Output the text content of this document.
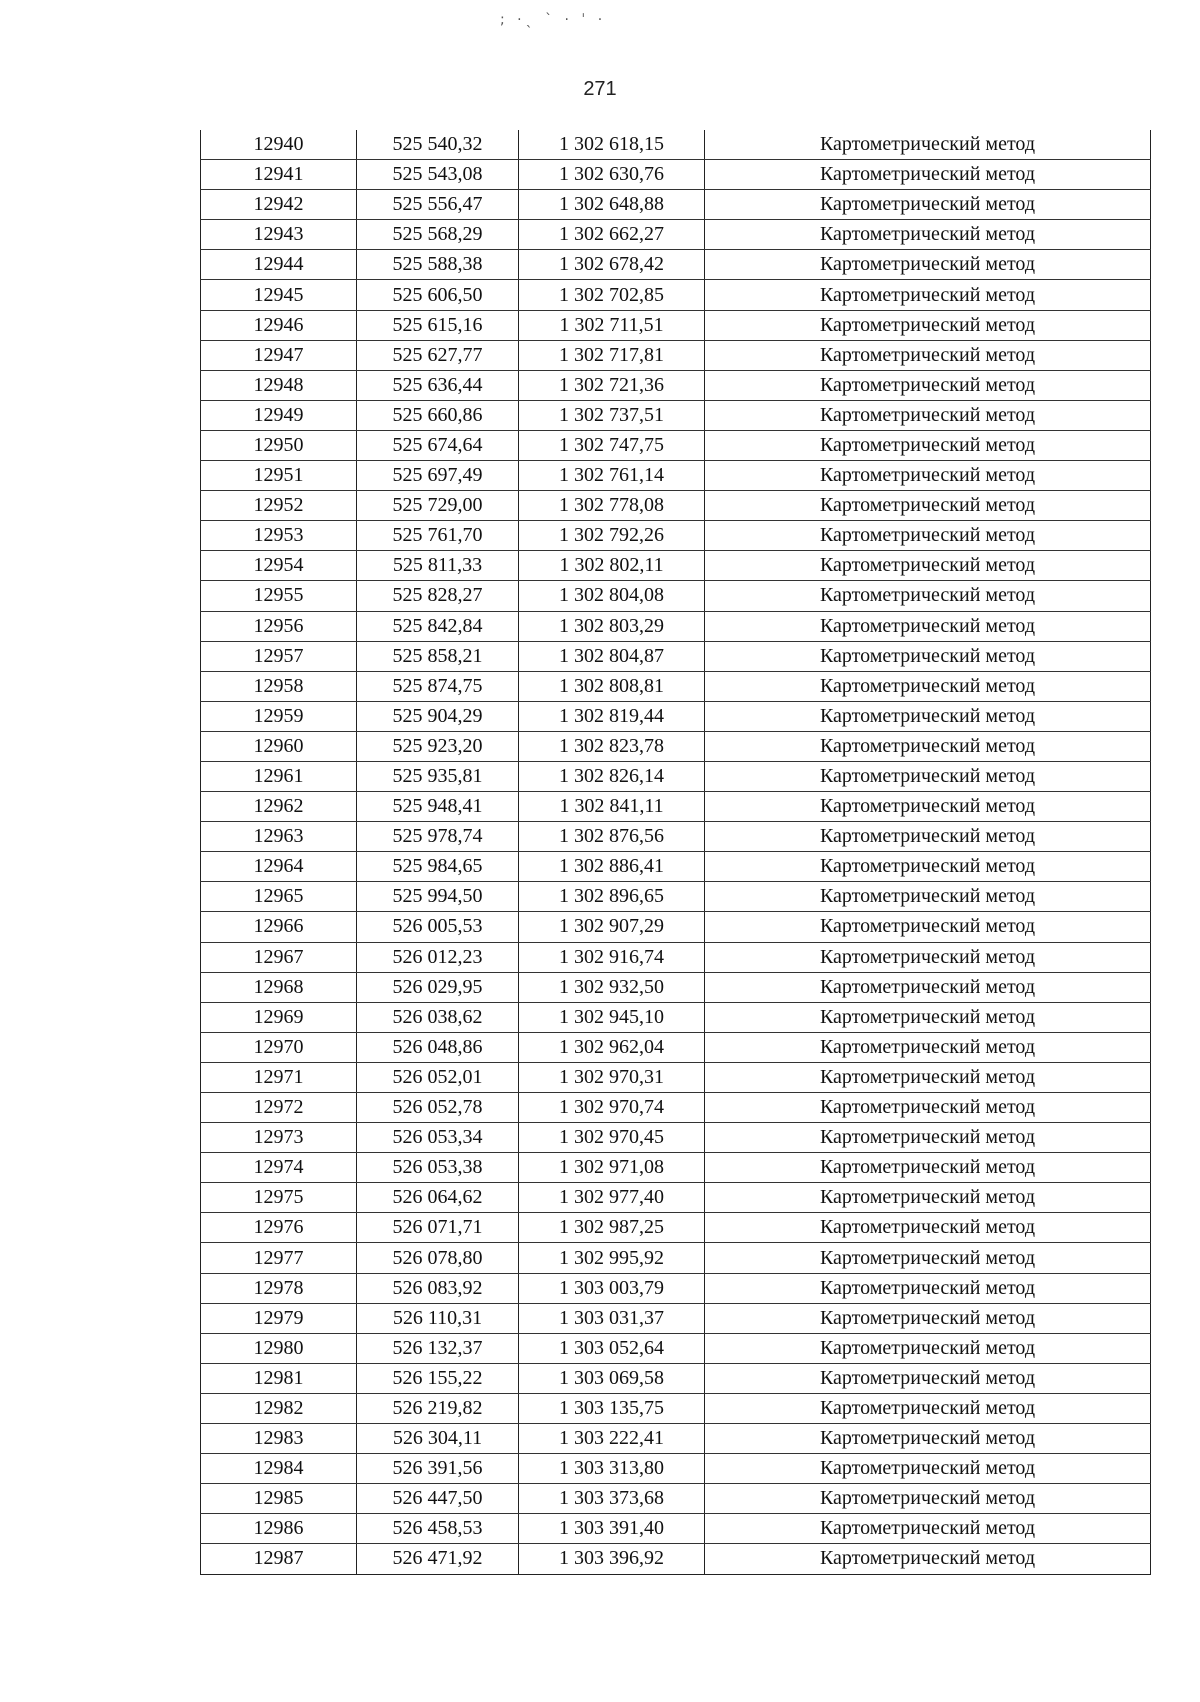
; ·ˎ ˋ · ˈ ·
271
12940	525 540,32	1 302 618,15	Картометрический метод
12941	525 543,08	1 302 630,76	Картометрический метод
12942	525 556,47	1 302 648,88	Картометрический метод
12943	525 568,29	1 302 662,27	Картометрический метод
12944	525 588,38	1 302 678,42	Картометрический метод
12945	525 606,50	1 302 702,85	Картометрический метод
12946	525 615,16	1 302 711,51	Картометрический метод
12947	525 627,77	1 302 717,81	Картометрический метод
12948	525 636,44	1 302 721,36	Картометрический метод
12949	525 660,86	1 302 737,51	Картометрический метод
12950	525 674,64	1 302 747,75	Картометрический метод
12951	525 697,49	1 302 761,14	Картометрический метод
12952	525 729,00	1 302 778,08	Картометрический метод
12953	525 761,70	1 302 792,26	Картометрический метод
12954	525 811,33	1 302 802,11	Картометрический метод
12955	525 828,27	1 302 804,08	Картометрический метод
12956	525 842,84	1 302 803,29	Картометрический метод
12957	525 858,21	1 302 804,87	Картометрический метод
12958	525 874,75	1 302 808,81	Картометрический метод
12959	525 904,29	1 302 819,44	Картометрический метод
12960	525 923,20	1 302 823,78	Картометрический метод
12961	525 935,81	1 302 826,14	Картометрический метод
12962	525 948,41	1 302 841,11	Картометрический метод
12963	525 978,74	1 302 876,56	Картометрический метод
12964	525 984,65	1 302 886,41	Картометрический метод
12965	525 994,50	1 302 896,65	Картометрический метод
12966	526 005,53	1 302 907,29	Картометрический метод
12967	526 012,23	1 302 916,74	Картометрический метод
12968	526 029,95	1 302 932,50	Картометрический метод
12969	526 038,62	1 302 945,10	Картометрический метод
12970	526 048,86	1 302 962,04	Картометрический метод
12971	526 052,01	1 302 970,31	Картометрический метод
12972	526 052,78	1 302 970,74	Картометрический метод
12973	526 053,34	1 302 970,45	Картометрический метод
12974	526 053,38	1 302 971,08	Картометрический метод
12975	526 064,62	1 302 977,40	Картометрический метод
12976	526 071,71	1 302 987,25	Картометрический метод
12977	526 078,80	1 302 995,92	Картометрический метод
12978	526 083,92	1 303 003,79	Картометрический метод
12979	526 110,31	1 303 031,37	Картометрический метод
12980	526 132,37	1 303 052,64	Картометрический метод
12981	526 155,22	1 303 069,58	Картометрический метод
12982	526 219,82	1 303 135,75	Картометрический метод
12983	526 304,11	1 303 222,41	Картометрический метод
12984	526 391,56	1 303 313,80	Картометрический метод
12985	526 447,50	1 303 373,68	Картометрический метод
12986	526 458,53	1 303 391,40	Картометрический метод
12987	526 471,92	1 303 396,92	Картометрический метод
